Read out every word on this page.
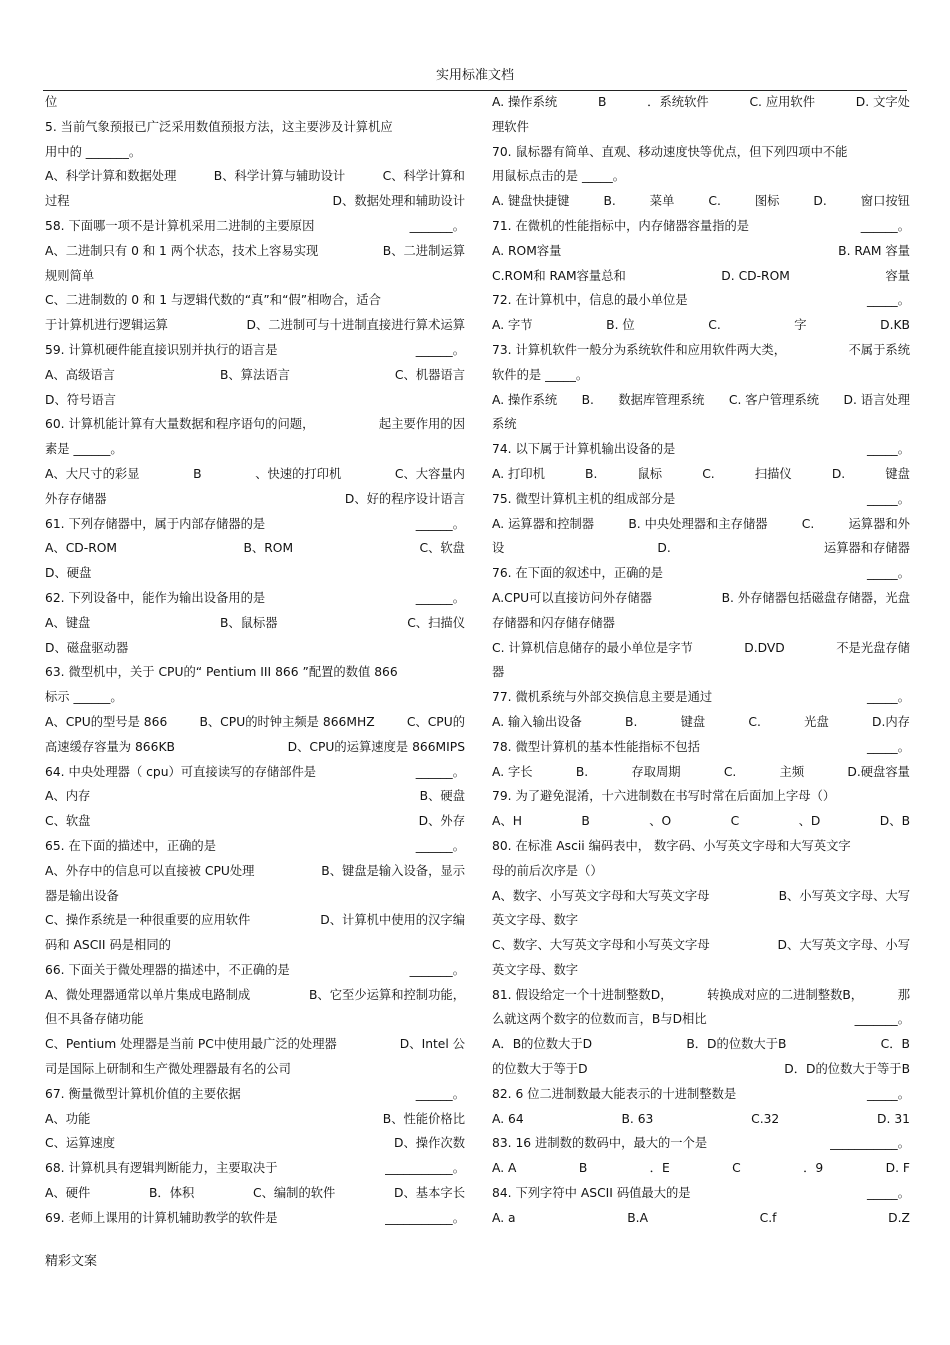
实用标准文档
位
5. 当前气象预报已广泛采用数值预报方法，这主要涉及计算机应
用中的 _______。
A、科学计算和数据处理	B、科学计算与辅助设计	C、科学计算和
过程	D、数据处理和辅助设计
58. 下面哪一项不是计算机采用二进制的主要原因	_______。
A、二进制只有 0 和 1 两个状态，技术上容易实现	B、二进制运算
规则简单
C、二进制数的 0 和 1 与逻辑代数的“真”和“假”相吻合，适合
于计算机进行逻辑运算	D、二进制可与十进制直接进行算术运算
59. 计算机硬件能直接识别并执行的语言是	______。
A、高级语言	B、算法语言	C、机器语言
D、符号语言
60. 计算机能计算有大量数据和程序语句的问题，	起主要作用的因
素是 ______。
A、大尺寸的彩显	B	、快速的打印机	C、大容量内
外存存储器	D、好的程序设计语言
61. 下列存储器中，属于内部存储器的是	______。
A、CD-ROM	B、ROM	C、软盘
D、硬盘
62. 下列设备中，能作为输出设备用的是	______。
A、键盘	B、鼠标器	C、扫描仪
D、磁盘驱动器
63. 微型机中，关于 CPU的“ Pentium III 866 ”配置的数值 866
标示 ______。
A、CPU的型号是 866	B、CPU的时钟主频是 866MHZ	C、CPU的
高速缓存容量为 866KB	D、CPU的运算速度是 866MIPS
64. 中央处理器（ cpu）可直接读写的存储部件是	______。
A、内存	B、硬盘
C、软盘	D、外存
65. 在下面的描述中，正确的是	______。
A、外存中的信息可以直接被 CPU处理	B、键盘是输入设备，显示
器是输出设备
C、操作系统是一种很重要的应用软件	D、计算机中使用的汉字编
码和 ASCII 码是相同的
66. 下面关于微处理器的描述中，不正确的是	_______。
A、微处理器通常以单片集成电路制成	B、它至少运算和控制功能，
但不具备存储功能
C、Pentium 处理器是当前 PC中使用最广泛的处理器	D、Intel 公
司是国际上研制和生产微处理器最有名的公司
67. 衡量微型计算机价值的主要依据	______。
A、功能	B、性能价格比
C、运算速度	D、操作次数
68. 计算机具有逻辑判断能力，主要取决于	___________。
A、硬件	B．体积	C、编制的软件	D、基本字长
69. 老师上课用的计算机辅助教学的软件是	___________。
A. 操作系统	B	．系统软件	C. 应用软件	D. 文字处
理软件
70. 鼠标器有简单、直观、移动速度快等优点，但下列四项中不能
用鼠标点击的是 _____。
A. 键盘快捷键	B.	菜单	C.	图标	D.	窗口按钮
71. 在微机的性能指标中，内存储器容量指的是	______。
A. ROM容量	B. RAM 容量
C.ROM和 RAM容量总和	D. CD-ROM	容量
72. 在计算机中，信息的最小单位是	_____。
A. 字节	B. 位	C.	字	D.KB
73. 计算机软件一般分为系统软件和应用软件两大类，	不属于系统
软件的是 _____。
A. 操作系统 B. 数据库管理系统 C. 客户管理系统 D. 语言处理
系统
74. 以下属于计算机输出设备的是	_____。
A. 打印机	B.	鼠标	C.	扫描仪	D.	键盘
75. 微型计算机主机的组成部分是	_____。
A. 运算器和控制器	B. 中央处理器和主存储器	C.	运算器和外
设	D.	运算器和存储器
76. 在下面的叙述中，正确的是	_____。
A.CPU可以直接访问外存储器	B. 外存储器包括磁盘存储器，光盘
存储器和闪存储存储器
C. 计算机信息储存的最小单位是字节	D.DVD	不是光盘存储
器
77. 微机系统与外部交换信息主要是通过	_____。
A. 输入输出设备	B.	键盘	C.	光盘	D.内存
78. 微型计算机的基本性能指标不包括	_____。
A. 字长	B.	存取周期	C.	主频	D.硬盘容量
79. 为了避免混淆，十六进制数在书写时常在后面加上字母（）
A、H	B	、O	C	、D	D、B
80. 在标准 Ascii 编码表中， 数字码、小写英文字母和大写英文字
母的前后次序是（）
A、数字、小写英文字母和大写英文字母	B、小写英文字母、大写
英文字母、数字
C、数字、大写英文字母和小写英文字母	D、大写英文字母、小写
英文字母、数字
81. 假设给定一个十进制整数D，	转换成对应的二进制整数B，	那
么就这两个数字的位数而言，B与D相比	_______。
A．B的位数大于D	B．D的位数大于B	C．B
的位数大于等于D	D．D的位数大于等于B
82. 6 位二进制数最大能表示的十进制整数是	_____。
A. 64	B. 63	C.32	D. 31
83. 16 进制数的数码中，最大的一个是	___________。
A. A	B	．E	C	．9	D. F
84. 下列字符中 ASCII 码值最大的是	_____。
A. a	B.A	C.f	D.Z
精彩文案
